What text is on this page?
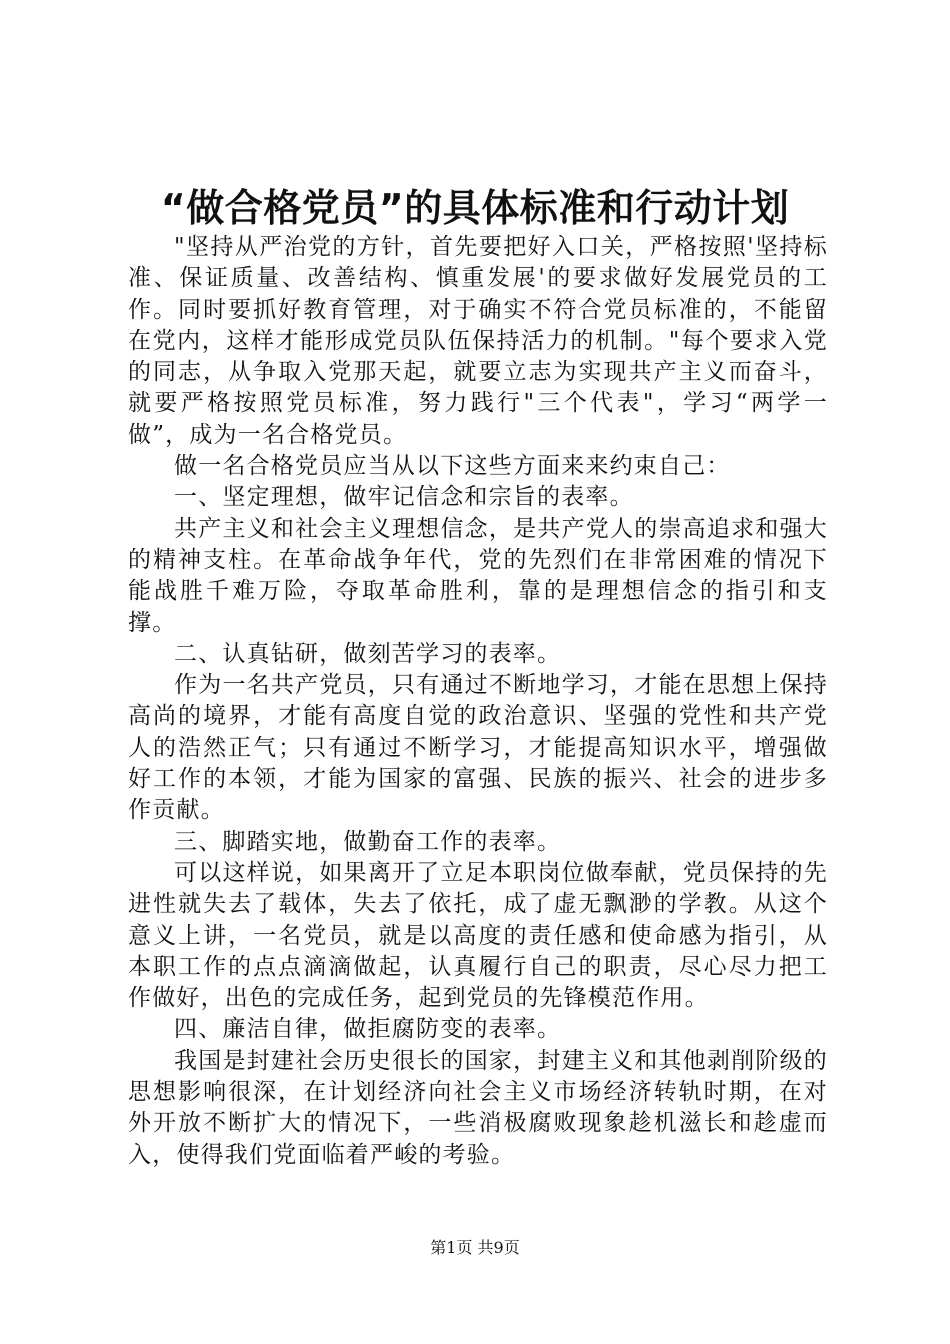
“做合格党员”的具体标准和行动计划

"坚持从严治党的方针，首先要把好入口关，严格按照'坚持标准、保证质量、改善结构、慎重发展'的要求做好发展党员的工作。同时要抓好教育管理，对于确实不符合党员标准的，不能留在党内，这样才能形成党员队伍保持活力的机制。"每个要求入党的同志，从争取入党那天起，就要立志为实现共产主义而奋斗，就要严格按照党员标准，努力践行"三个代表"，学习“两学一做”，成为一名合格党员。

做一名合格党员应当从以下这些方面来来约束自己：

一、坚定理想，做牢记信念和宗旨的表率。

共产主义和社会主义理想信念，是共产党人的崇高追求和强大的精神支柱。在革命战争年代，党的先烈们在非常困难的情况下能战胜千难万险，夺取革命胜利，靠的是理想信念的指引和支撑。

二、认真钻研，做刻苦学习的表率。

作为一名共产党员，只有通过不断地学习，才能在思想上保持高尚的境界，才能有高度自觉的政治意识、坚强的党性和共产党人的浩然正气；只有通过不断学习，才能提高知识水平，增强做好工作的本领，才能为国家的富强、民族的振兴、社会的进步多作贡献。

三、脚踏实地，做勤奋工作的表率。

可以这样说，如果离开了立足本职岗位做奉献，党员保持的先进性就失去了载体，失去了依托，成了虚无飘渺的学教。从这个意义上讲，一名党员，就是以高度的责任感和使命感为指引，从本职工作的点点滴滴做起，认真履行自己的职责，尽心尽力把工作做好，出色的完成任务，起到党员的先锋模范作用。

四、廉洁自律，做拒腐防变的表率。

我国是封建社会历史很长的国家，封建主义和其他剥削阶级的思想影响很深，在计划经济向社会主义市场经济转轨时期，在对外开放不断扩大的情况下，一些消极腐败现象趁机滋长和趁虚而入，使得我们党面临着严峻的考验。

第1页 共9页
